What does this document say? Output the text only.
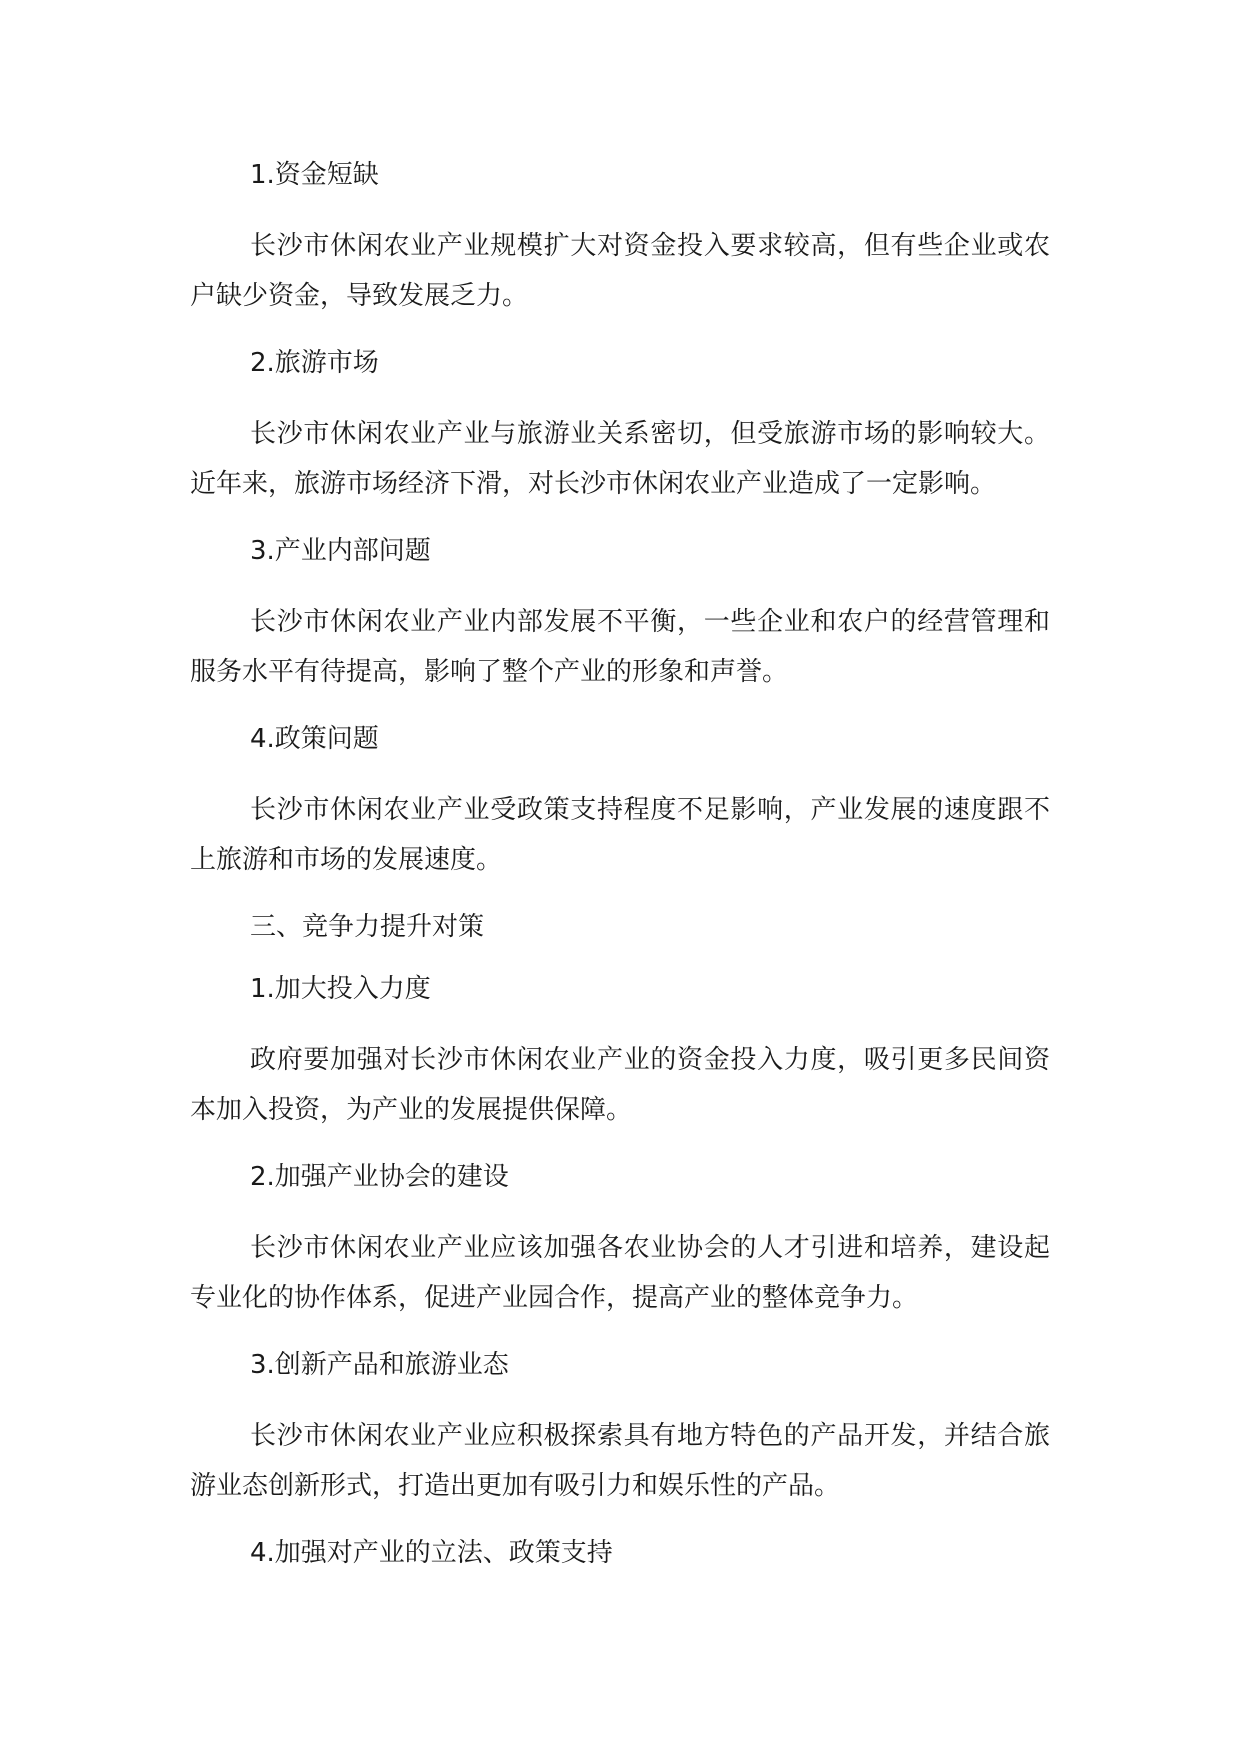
1.资金短缺

长沙市休闲农业产业规模扩大对资金投入要求较高，但有些企业或农户缺少资金，导致发展乏力。

2.旅游市场

长沙市休闲农业产业与旅游业关系密切，但受旅游市场的影响较大。近年来，旅游市场经济下滑，对长沙市休闲农业产业造成了一定影响。

3.产业内部问题

长沙市休闲农业产业内部发展不平衡，一些企业和农户的经营管理和服务水平有待提高，影响了整个产业的形象和声誉。

4.政策问题

长沙市休闲农业产业受政策支持程度不足影响，产业发展的速度跟不上旅游和市场的发展速度。

三、竞争力提升对策

1.加大投入力度

政府要加强对长沙市休闲农业产业的资金投入力度，吸引更多民间资本加入投资，为产业的发展提供保障。

2.加强产业协会的建设

长沙市休闲农业产业应该加强各农业协会的人才引进和培养，建设起专业化的协作体系，促进产业园合作，提高产业的整体竞争力。

3.创新产品和旅游业态

长沙市休闲农业产业应积极探索具有地方特色的产品开发，并结合旅游业态创新形式，打造出更加有吸引力和娱乐性的产品。

4.加强对产业的立法、政策支持
